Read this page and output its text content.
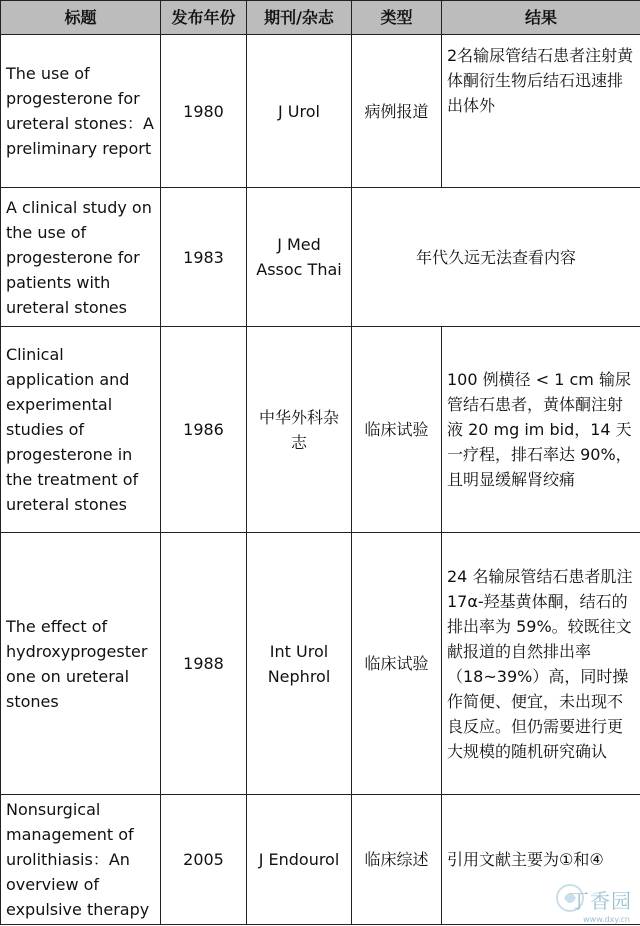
标题	发布年份	期刊/杂志	类型	结果
The use of progesterone for ureteral stones：A preliminary report	1980	J Urol	病例报道	2名输尿管结石患者注射黄体酮衍生物后结石迅速排出体外
A clinical study on the use of progesterone for patients with ureteral stones	1983	J Med Assoc Thai	年代久远无法查看内容	
Clinical application and experimental studies of progesterone in the treatment of ureteral stones	1986	中华外科杂志	临床试验	100 例横径 < 1 cm 输尿管结石患者，黄体酮注射液 20 mg im bid，14 天一疗程，排石率达 90%，且明显缓解肾绞痛
The effect of hydroxyprogesterone on ureteral stones	1988	Int Urol Nephrol	临床试验	24 名输尿管结石患者肌注17α-羟基黄体酮，结石的排出率为 59%。较既往文献报道的自然排出率（18~39%）高，同时操作简便、便宜，未出现不良反应。但仍需要进行更大规模的随机研究确认
Nonsurgical management of urolithiasis：An overview of expulsive therapy	2005	J Endourol	临床综述	引用文献主要为①和④
丁香园
www.dxy.cn
